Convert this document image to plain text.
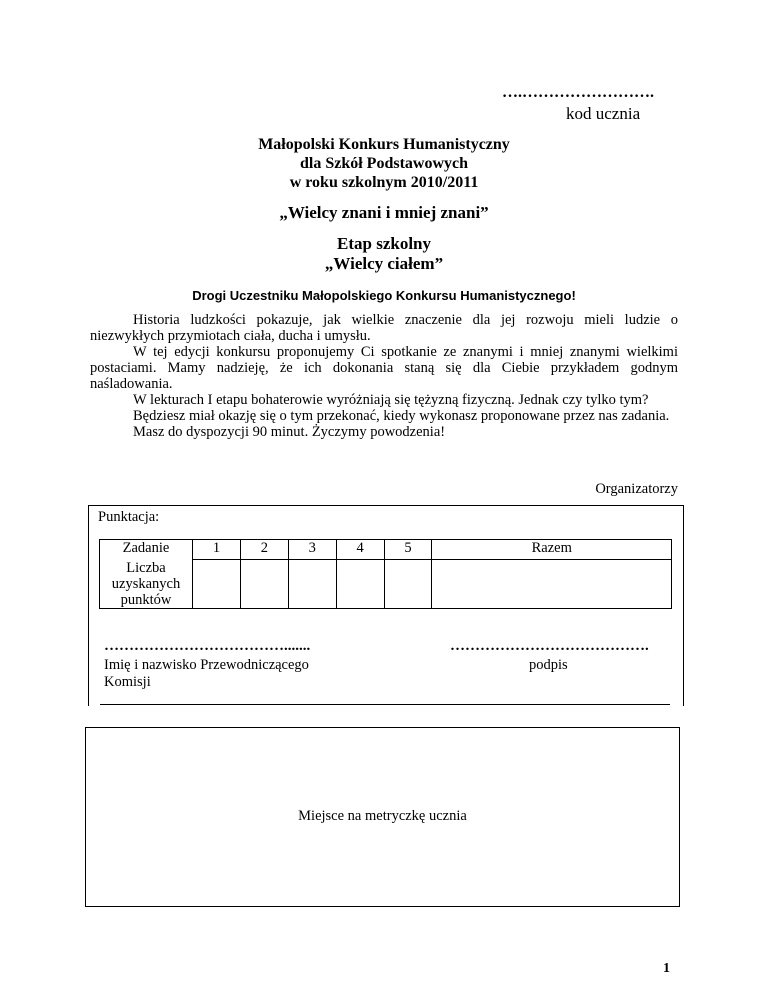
….…………………….
kod ucznia
Małopolski Konkurs Humanistyczny
dla Szkół Podstawowych
w roku szkolnym 2010/2011
„Wielcy znani i mniej znani”
Etap szkolny
„Wielcy ciałem”
Drogi Uczestniku Małopolskiego Konkursu Humanistycznego!

Historia ludzkości pokazuje, jak wielkie znaczenie dla jej rozwoju mieli ludzie o niezwykłych przymiotach ciała, ducha i umysłu.

W tej edycji konkursu proponujemy Ci spotkanie ze znanymi i mniej znanymi wielkimi postaciami. Mamy nadzieję, że ich dokonania staną się dla Ciebie przykładem godnym naśladowania.

W lekturach I etapu bohaterowie wyróżniają się tężyzną fizyczną. Jednak czy tylko tym?

Będziesz miał okazję się o tym przekonać, kiedy wykonasz proponowane przez nas zadania.

Masz do dyspozycji 90 minut. Życzymy powodzenia!

Organizatorzy
Punktacja:
Zadanie	1	2	3	4	5	Razem
Liczba uzyskanych punktów						
……………………………….......	………………………………….
Imię i nazwisko Przewodniczącego Komisji
podpis
Miejsce na metryczkę ucznia
1
